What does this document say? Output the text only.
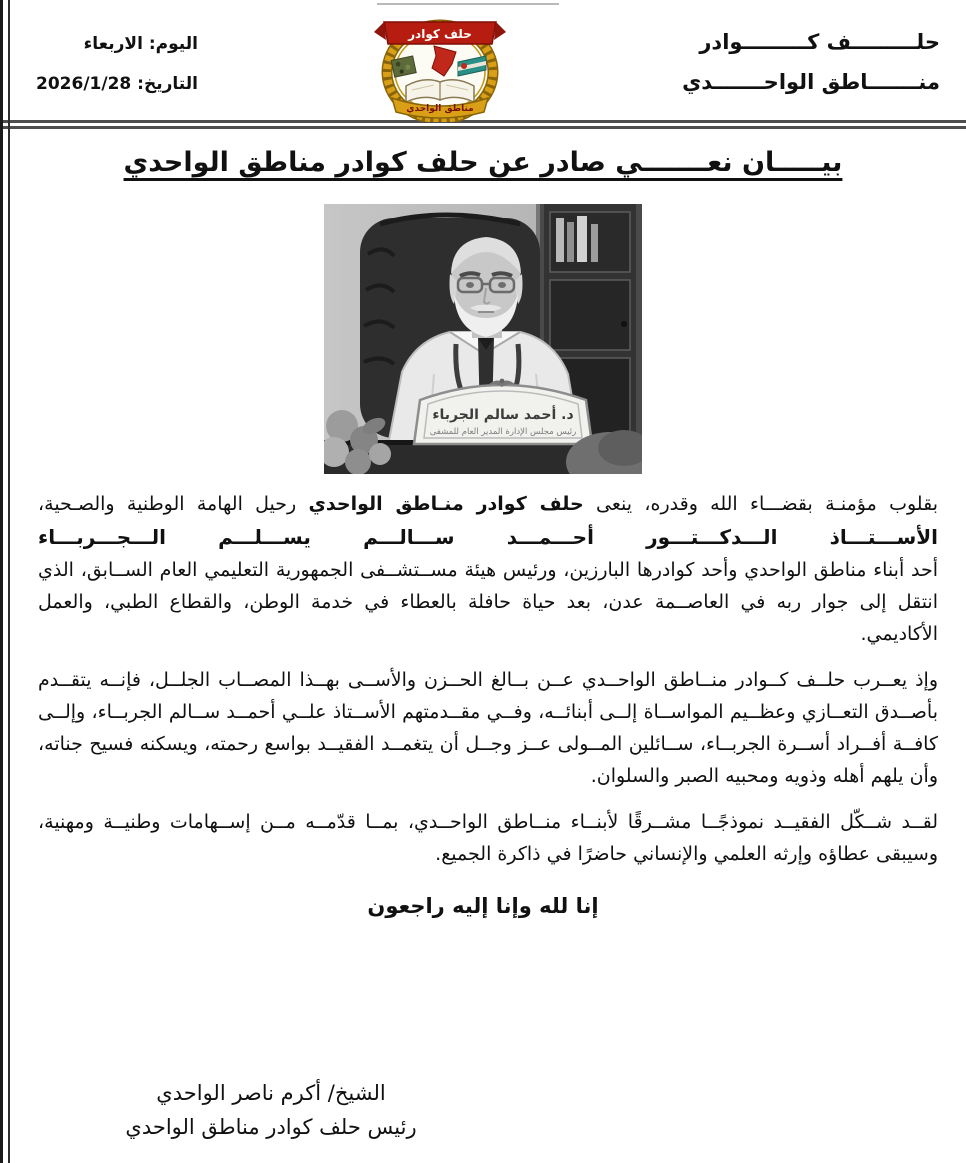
حلـــــــــف كـــــــــوادر
منـــــــاطق الواحـــــــدي
حلف كوادر
مناطق الواحدي
اليوم: الاربعاء
التاريخ: 2026/1/28
بيـــــان نعـــــــي صادر عن حلف كوادر مناطق الواحدي
د. أحمد سالم الجرباء
رئيس مجلس الإدارة المدير العام للمشفى
بقلوب مؤمنـة بقضـــاء الله وقدره، ينعى حلف كوادر منـاطق الواحدي رحيل الهامة الوطنية والصـحية،
الأســـتـــاذ الـــدكـــتـــور أحـــمـــد ســـالـــم يســـلـــم الـــجـــربـــاء
أحد أبناء مناطق الواحدي وأحد كوادرها البارزين، ورئيس هيئة مســتشــفى الجمهورية التعليمي العام الســابق، الذي انتقل إلى جوار ربه في العاصــمة عدن، بعد حياة حافلة بالعطاء في خدمة الوطن، والقطاع الطبي، والعمل الأكاديمي.
وإذ يعــرب حلــف كــوادر منــاطق الواحــدي عــن بــالغ الحــزن والأســى بهــذا المصــاب الجلــل، فإنــه يتقــدم بأصــدق التعــازي وعظــيم المواســاة إلــى أبنائــه، وفــي مقــدمتهم الأســتاذ علــي أحمــد ســالم الجربــاء، وإلــى كافــة أفــراد أســرة الجربــاء، ســائلين المــولى عــز وجــل أن يتغمــد الفقيــد بواسع رحمته، ويسكنه فسيح جناته، وأن يلهم أهله وذويه ومحبيه الصبر والسلوان.
لقــد شــكّل الفقيــد نموذجًــا مشــرقًا لأبنــاء منــاطق الواحــدي، بمــا قدّمــه مــن إســهامات وطنيــة ومهنية، وسيبقى عطاؤه وإرثه العلمي والإنساني حاضرًا في ذاكرة الجميع.
إنا لله وإنا إليه راجعون
الشيخ/ أكرم ناصر الواحدي
رئيس حلف كوادر مناطق الواحدي
